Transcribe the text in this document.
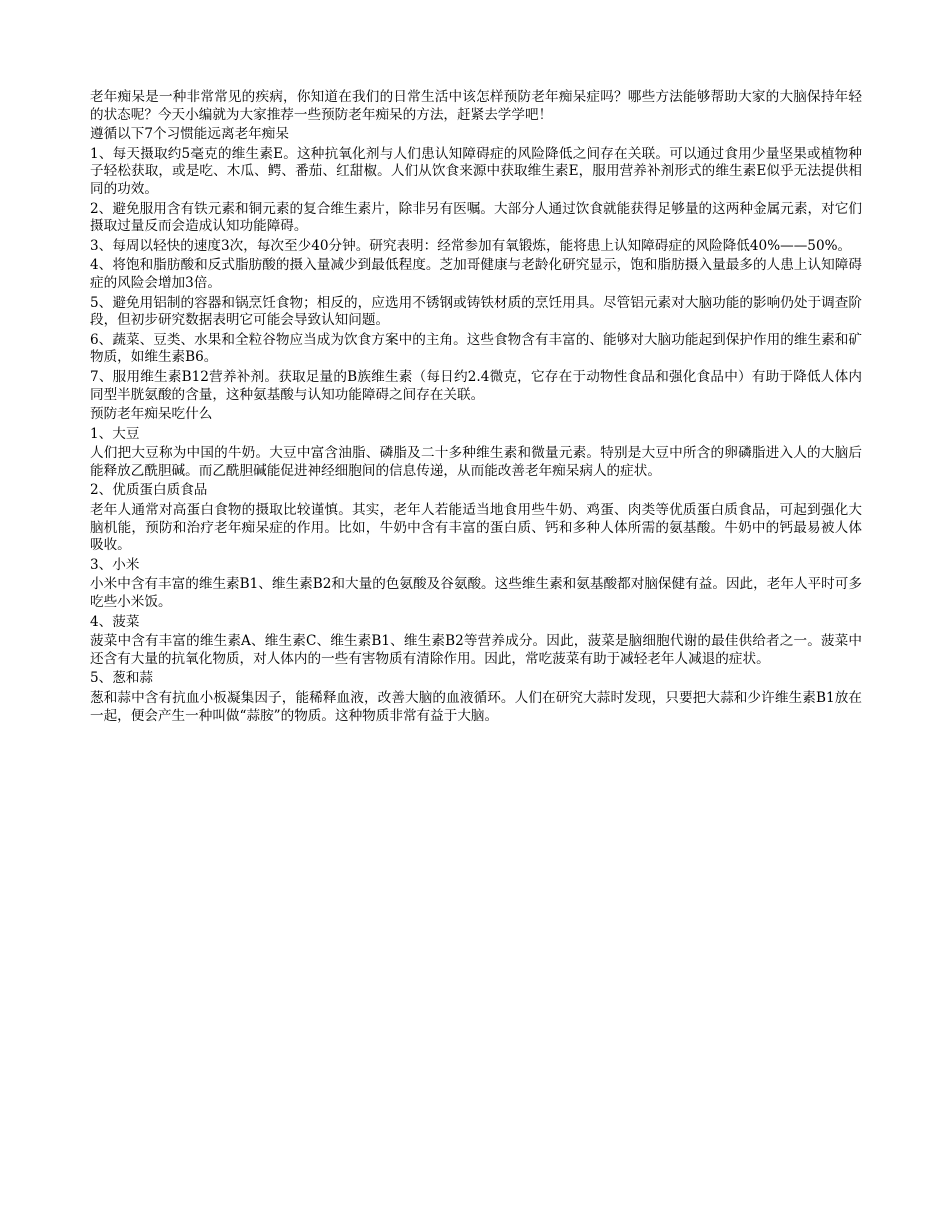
老年痴呆是一种非常常见的疾病，你知道在我们的日常生活中该怎样预防老年痴呆症吗？哪些方法能够帮助大家的大脑保持年轻的状态呢？今天小编就为大家推荐一些预防老年痴呆的方法，赶紧去学学吧！

遵循以下7个习惯能远离老年痴呆

1、每天摄取约5毫克的维生素E。这种抗氧化剂与人们患认知障碍症的风险降低之间存在关联。可以通过食用少量坚果或植物种子轻松获取，或是吃、木瓜、鳄、番茄、红甜椒。人们从饮食来源中获取维生素E，服用营养补剂形式的维生素E似乎无法提供相同的功效。

2、避免服用含有铁元素和铜元素的复合维生素片，除非另有医嘱。大部分人通过饮食就能获得足够量的这两种金属元素，对它们摄取过量反而会造成认知功能障碍。

3、每周以轻快的速度3次，每次至少40分钟。研究表明：经常参加有氧锻炼，能将患上认知障碍症的风险降低40%——50%。

4、将饱和脂肪酸和反式脂肪酸的摄入量减少到最低程度。芝加哥健康与老龄化研究显示，饱和脂肪摄入量最多的人患上认知障碍症的风险会增加3倍。

5、避免用铝制的容器和锅烹饪食物；相反的，应选用不锈钢或铸铁材质的烹饪用具。尽管铝元素对大脑功能的影响仍处于调查阶段，但初步研究数据表明它可能会导致认知问题。

6、蔬菜、豆类、水果和全粒谷物应当成为饮食方案中的主角。这些食物含有丰富的、能够对大脑功能起到保护作用的维生素和矿物质，如维生素B6。

7、服用维生素B12营养补剂。获取足量的B族维生素（每日约2.4微克，它存在于动物性食品和强化食品中）有助于降低人体内同型半胱氨酸的含量，这种氨基酸与认知功能障碍之间存在关联。

预防老年痴呆吃什么

1、大豆

人们把大豆称为中国的牛奶。大豆中富含油脂、磷脂及二十多种维生素和微量元素。特别是大豆中所含的卵磷脂进入人的大脑后能释放乙酰胆碱。而乙酰胆碱能促进神经细胞间的信息传递，从而能改善老年痴呆病人的症状。

2、优质蛋白质食品

老年人通常对高蛋白食物的摄取比较谨慎。其实，老年人若能适当地食用些牛奶、鸡蛋、肉类等优质蛋白质食品，可起到强化大脑机能，预防和治疗老年痴呆症的作用。比如，牛奶中含有丰富的蛋白质、钙和多种人体所需的氨基酸。牛奶中的钙最易被人体吸收。

3、小米

小米中含有丰富的维生素B1、维生素B2和大量的色氨酸及谷氨酸。这些维生素和氨基酸都对脑保健有益。因此，老年人平时可多吃些小米饭。

4、菠菜

菠菜中含有丰富的维生素A、维生素C、维生素B1、维生素B2等营养成分。因此，菠菜是脑细胞代谢的最佳供给者之一。菠菜中还含有大量的抗氧化物质，对人体内的一些有害物质有清除作用。因此，常吃菠菜有助于减轻老年人减退的症状。

5、葱和蒜

葱和蒜中含有抗血小板凝集因子，能稀释血液，改善大脑的血液循环。人们在研究大蒜时发现，只要把大蒜和少许维生素B1放在一起，便会产生一种叫做“蒜胺”的物质。这种物质非常有益于大脑。
